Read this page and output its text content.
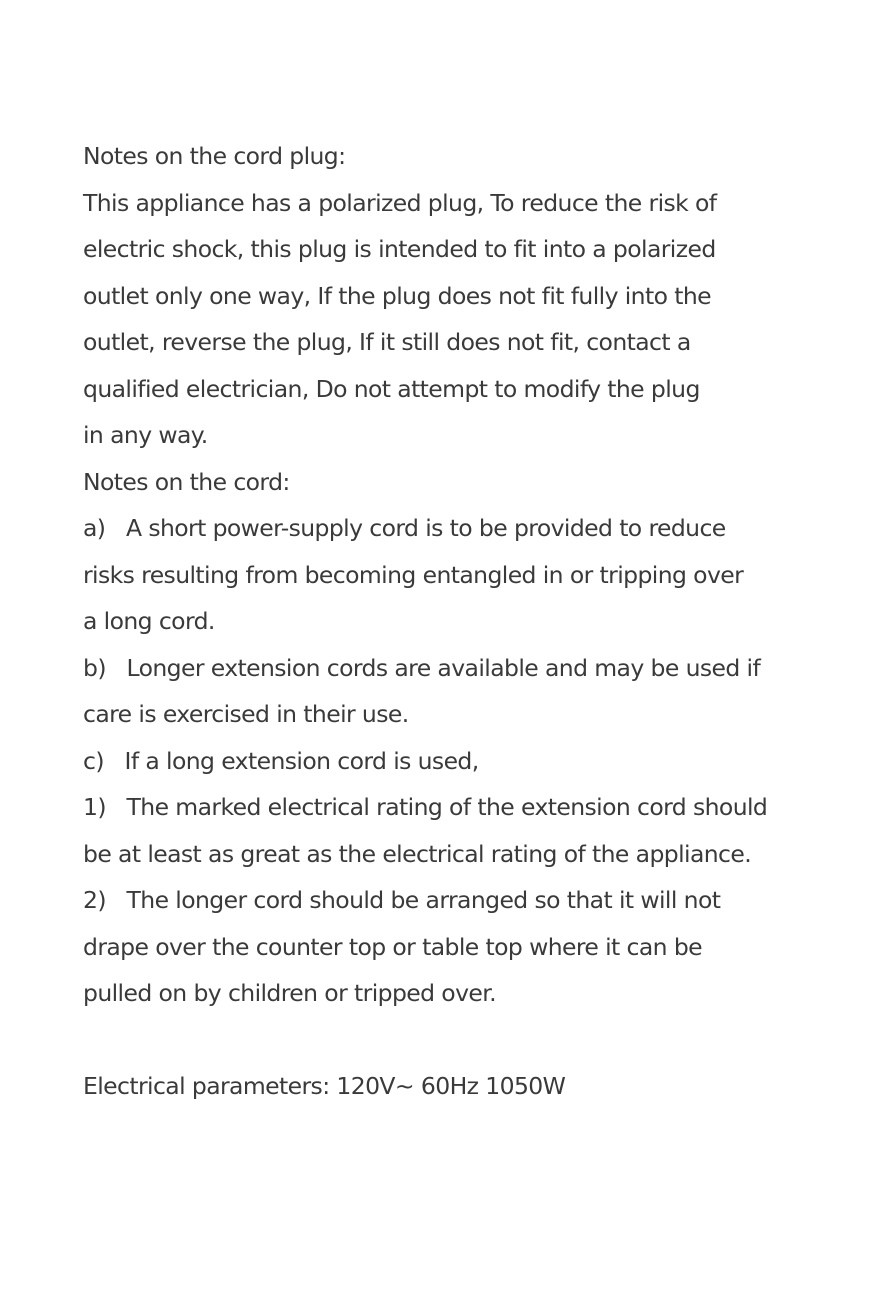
Notes on the cord plug:
This appliance has a polarized plug, To reduce the risk of
electric shock, this plug is intended to fit into a polarized
outlet only one way, If the plug does not fit fully into the
outlet, reverse the plug, If it still does not fit, contact a
qualified electrician, Do not attempt to modify the plug
in any way.
Notes on the cord:
a)   A short power-supply cord is to be provided to reduce
risks resulting from becoming entangled in or tripping over
a long cord.
b)   Longer extension cords are available and may be used if
care is exercised in their use.
c)   If a long extension cord is used,
1)   The marked electrical rating of the extension cord should
be at least as great as the electrical rating of the appliance.
2)   The longer cord should be arranged so that it will not
drape over the counter top or table top where it can be
pulled on by children or tripped over.
Electrical parameters: 120V~ 60Hz 1050W
